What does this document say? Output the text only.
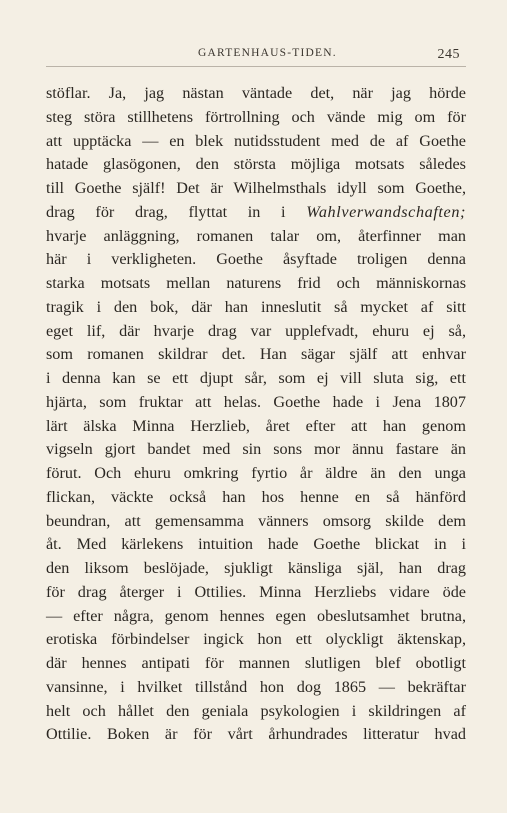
GARTENHAUS-TIDEN.	245
stöflar. Ja, jag nästan väntade det, när jag hörde
steg störa stillhetens förtrollning och vände mig om för
att upptäcka — en blek nutidsstudent med de af Goethe
hatade glasögonen, den största möjliga motsats således
till Goethe själf! Det är Wilhelmsthals idyll som Goethe,
drag för drag, flyttat in i Wahlverwandschaften;
hvarje anläggning, romanen talar om, återfinner man
här i verkligheten. Goethe åsyftade troligen denna
starka motsats mellan naturens frid och människornas
tragik i den bok, där han inneslutit så mycket af sitt
eget lif, där hvarje drag var upplefvadt, ehuru ej så,
som romanen skildrar det. Han sägar själf att enhvar
i denna kan se ett djupt sår, som ej vill sluta sig, ett
hjärta, som fruktar att helas. Goethe hade i Jena 1807
lärt älska Minna Herzlieb, året efter att han genom
vigseln gjort bandet med sin sons mor ännu fastare än
förut. Och ehuru omkring fyrtio år äldre än den unga
flickan, väckte också han hos henne en så hänförd
beundran, att gemensamma vänners omsorg skilde dem
åt. Med kärlekens intuition hade Goethe blickat in i
den liksom beslöjade, sjukligt känsliga själ, han drag
för drag återger i Ottilies. Minna Herzliebs vidare öde
— efter några, genom hennes egen obeslutsamhet brutna,
erotiska förbindelser ingick hon ett olyckligt äktenskap,
där hennes antipati för mannen slutligen blef obotligt
vansinne, i hvilket tillstånd hon dog 1865 — bekräftar
helt och hållet den geniala psykologien i skildringen af
Ottilie. Boken är för vårt århundrades litteratur hvad
